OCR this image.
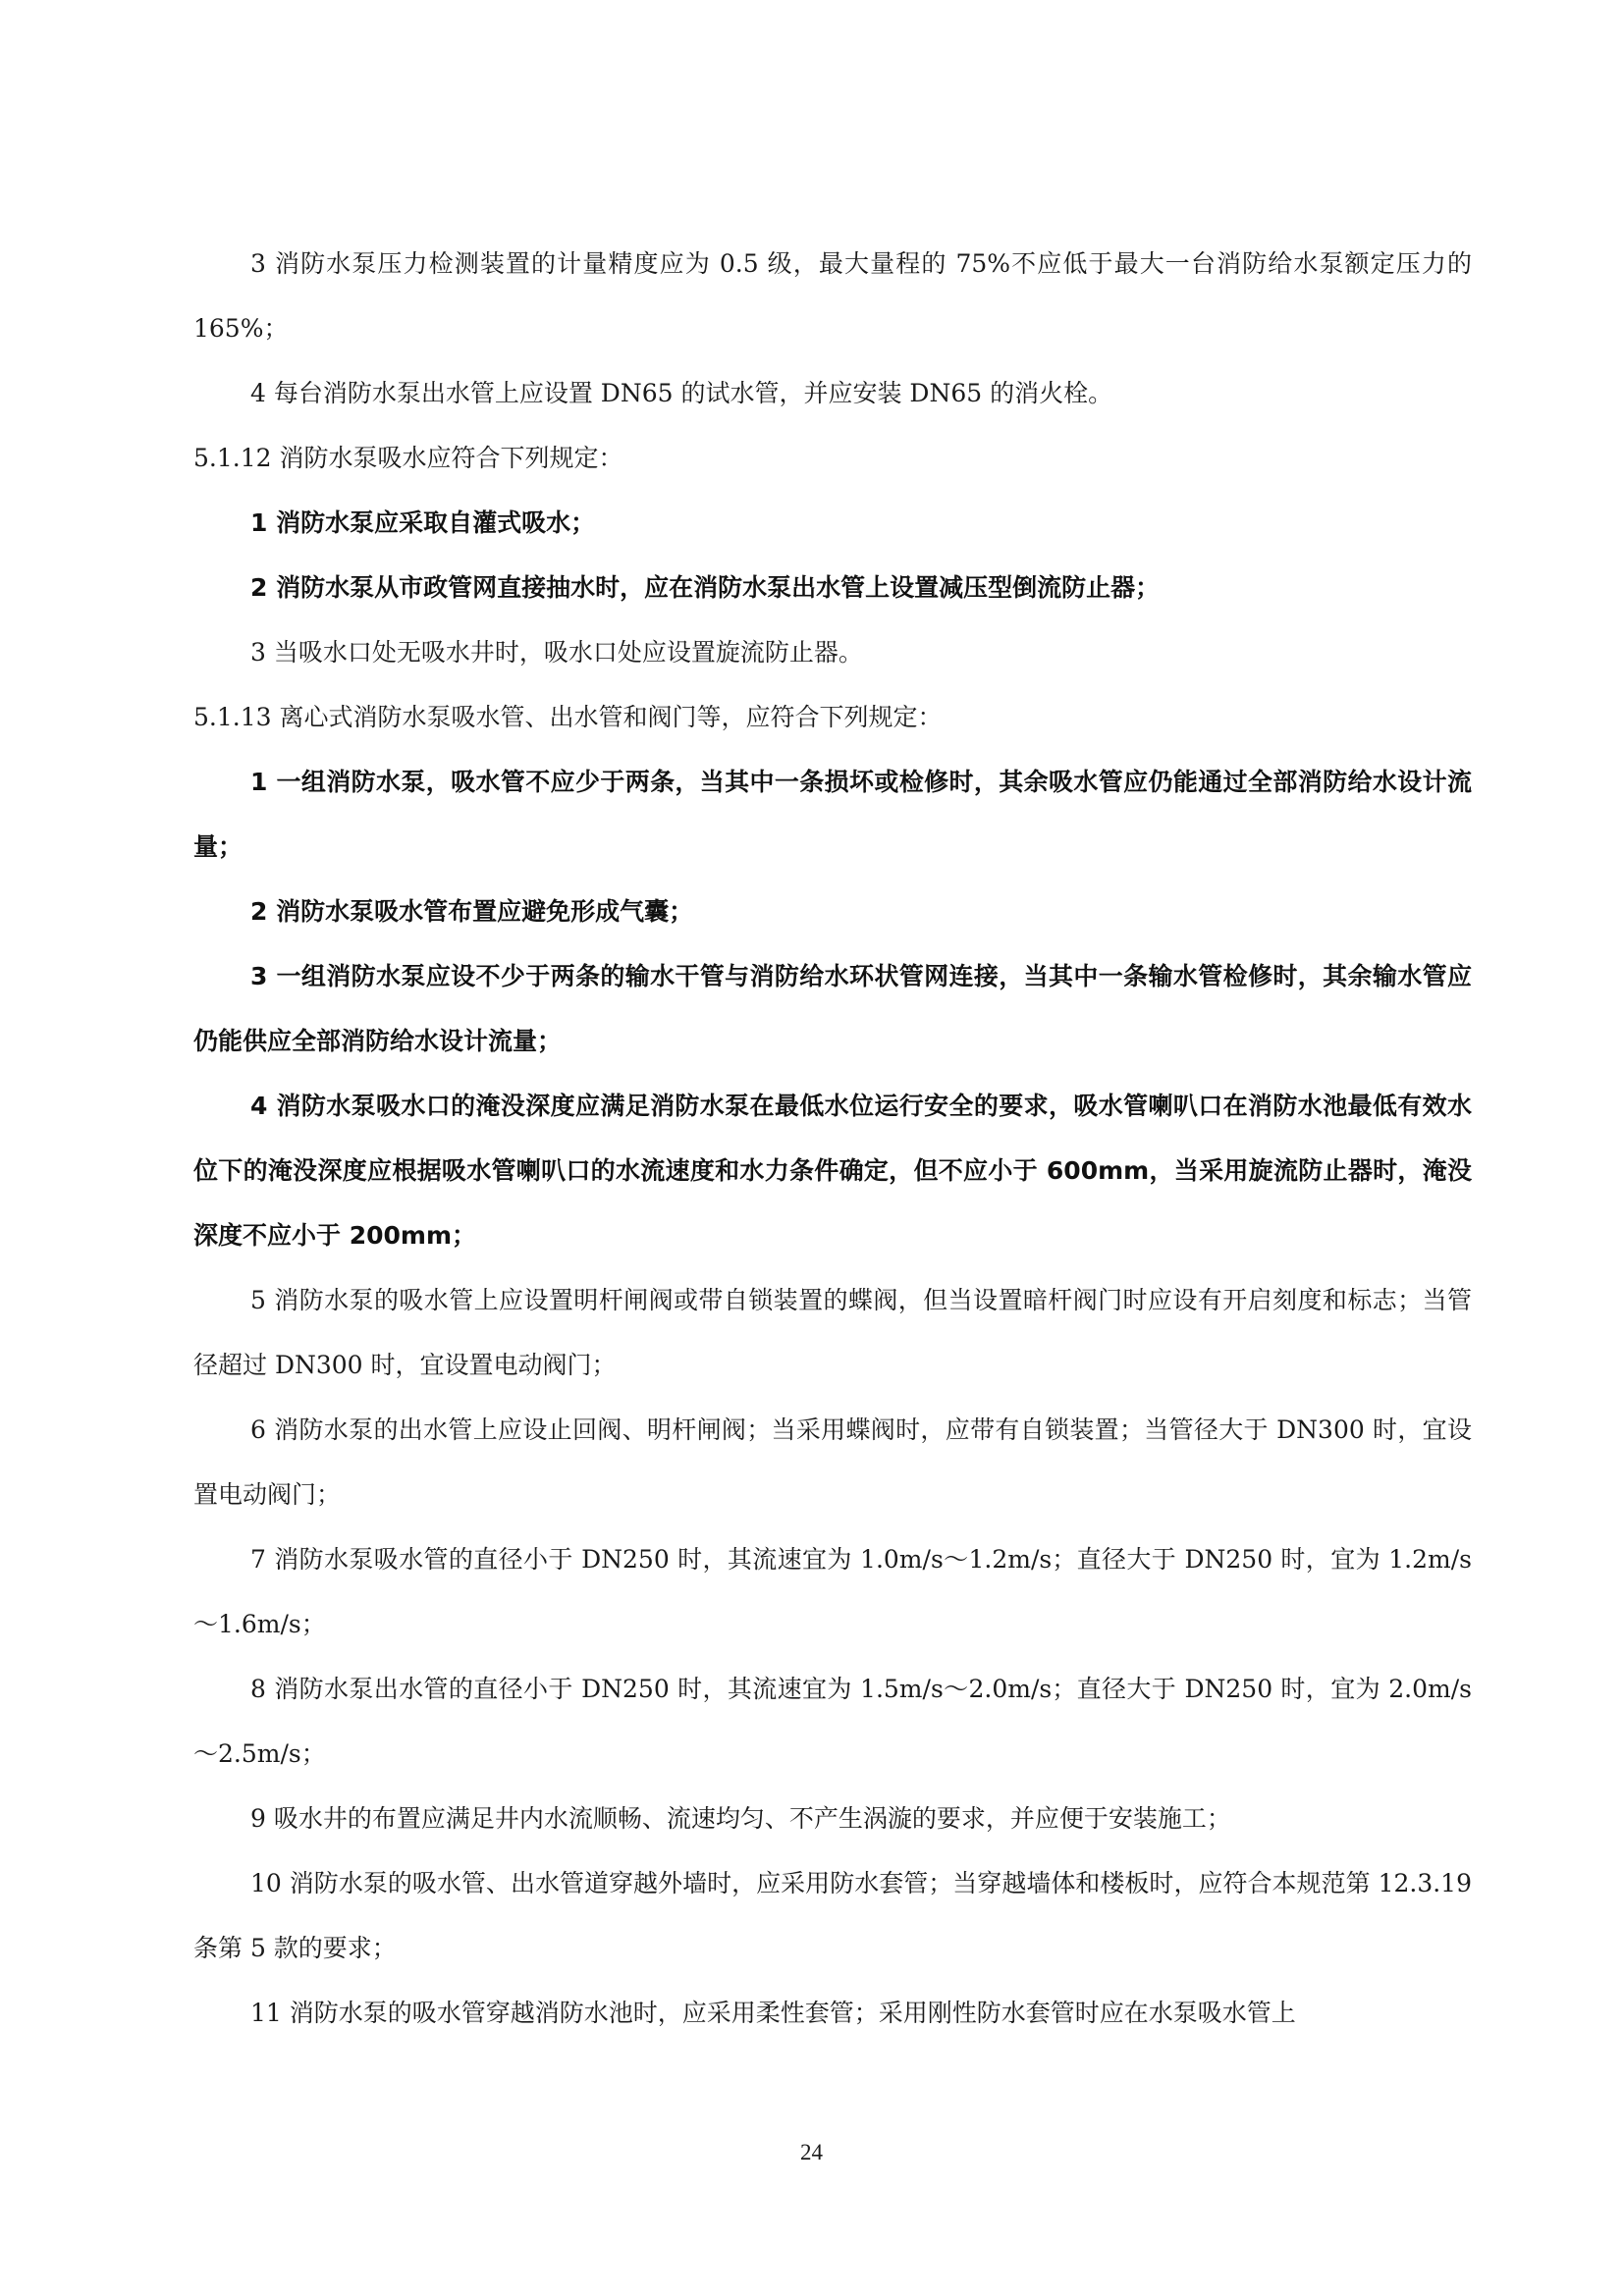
3 消防水泵压力检测装置的计量精度应为 0.5 级，最大量程的 75%不应低于最大一台消防给水泵额定压力的 165%；

4 每台消防水泵出水管上应设置 DN65 的试水管，并应安装 DN65 的消火栓。

5.1.12 消防水泵吸水应符合下列规定：

1 消防水泵应采取自灌式吸水；

2 消防水泵从市政管网直接抽水时，应在消防水泵出水管上设置减压型倒流防止器；

3 当吸水口处无吸水井时，吸水口处应设置旋流防止器。

5.1.13 离心式消防水泵吸水管、出水管和阀门等，应符合下列规定：

1 一组消防水泵，吸水管不应少于两条，当其中一条损坏或检修时，其余吸水管应仍能通过全部消防给水设计流量；

2 消防水泵吸水管布置应避免形成气囊；

3 一组消防水泵应设不少于两条的输水干管与消防给水环状管网连接，当其中一条输水管检修时，其余输水管应仍能供应全部消防给水设计流量；

4 消防水泵吸水口的淹没深度应满足消防水泵在最低水位运行安全的要求，吸水管喇叭口在消防水池最低有效水位下的淹没深度应根据吸水管喇叭口的水流速度和水力条件确定，但不应小于 600mm，当采用旋流防止器时，淹没深度不应小于 200mm；

5 消防水泵的吸水管上应设置明杆闸阀或带自锁装置的蝶阀，但当设置暗杆阀门时应设有开启刻度和标志；当管径超过 DN300 时，宜设置电动阀门；

6 消防水泵的出水管上应设止回阀、明杆闸阀；当采用蝶阀时，应带有自锁装置；当管径大于 DN300 时，宜设置电动阀门；

7 消防水泵吸水管的直径小于 DN250 时，其流速宜为 1.0m/s～1.2m/s；直径大于 DN250 时，宜为 1.2m/s～1.6m/s；

8 消防水泵出水管的直径小于 DN250 时，其流速宜为 1.5m/s～2.0m/s；直径大于 DN250 时，宜为 2.0m/s～2.5m/s；

9 吸水井的布置应满足井内水流顺畅、流速均匀、不产生涡漩的要求，并应便于安装施工；

10 消防水泵的吸水管、出水管道穿越外墙时，应采用防水套管；当穿越墙体和楼板时，应符合本规范第 12.3.19 条第 5 款的要求；

11 消防水泵的吸水管穿越消防水池时，应采用柔性套管；采用刚性防水套管时应在水泵吸水管上

24
